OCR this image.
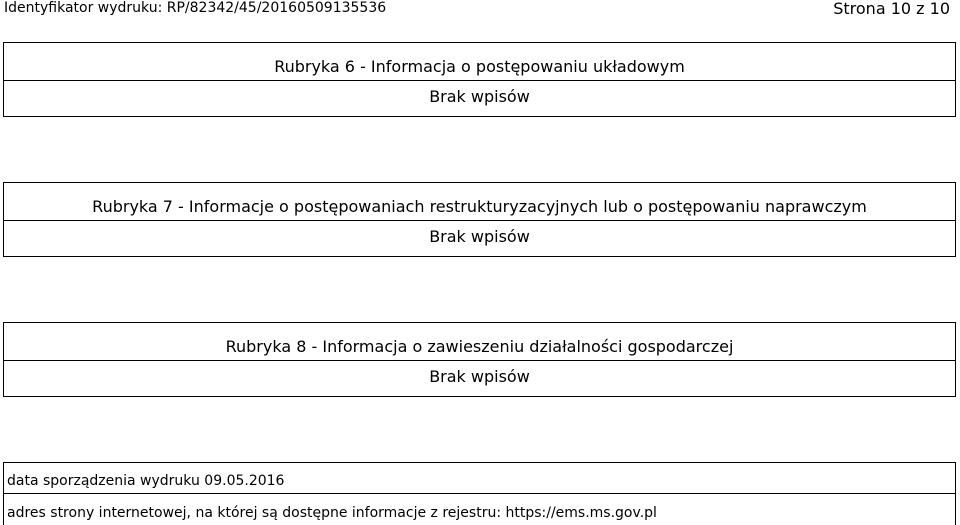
Identyfikator wydruku: RP/82342/45/20160509135536	Strona 10 z 10
Rubryka 6 - Informacja o postępowaniu układowym
Brak wpisów
Rubryka 7 - Informacje o postępowaniach restrukturyzacyjnych lub o postępowaniu naprawczym
Brak wpisów
Rubryka 8 - Informacja o zawieszeniu działalności gospodarczej
Brak wpisów
data sporządzenia wydruku 09.05.2016
adres strony internetowej, na której są dostępne informacje z rejestru: https://ems.ms.gov.pl
